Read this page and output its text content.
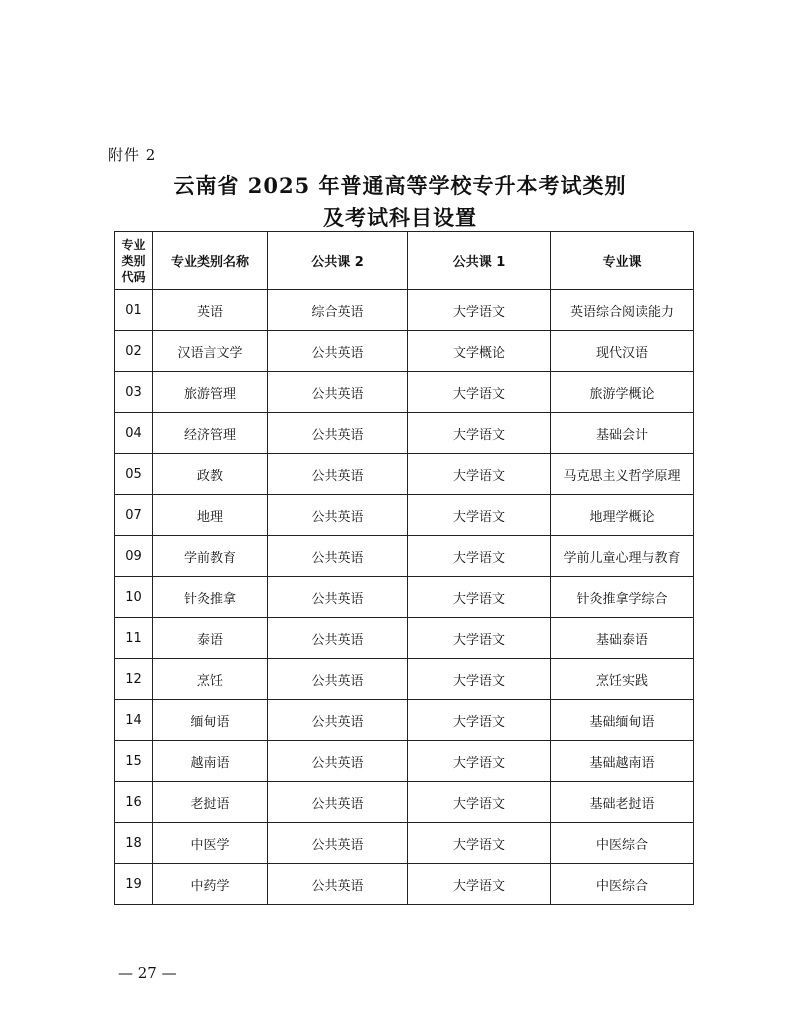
附件 2
云南省 2025 年普通高等学校专升本考试类别
及考试科目设置
专业类别代码	专业类别名称	公共课 2	公共课 1	专业课
01	英语	综合英语	大学语文	英语综合阅读能力
02	汉语言文学	公共英语	文学概论	现代汉语
03	旅游管理	公共英语	大学语文	旅游学概论
04	经济管理	公共英语	大学语文	基础会计
05	政教	公共英语	大学语文	马克思主义哲学原理
07	地理	公共英语	大学语文	地理学概论
09	学前教育	公共英语	大学语文	学前儿童心理与教育
10	针灸推拿	公共英语	大学语文	针灸推拿学综合
11	泰语	公共英语	大学语文	基础泰语
12	烹饪	公共英语	大学语文	烹饪实践
14	缅甸语	公共英语	大学语文	基础缅甸语
15	越南语	公共英语	大学语文	基础越南语
16	老挝语	公共英语	大学语文	基础老挝语
18	中医学	公共英语	大学语文	中医综合
19	中药学	公共英语	大学语文	中医综合
— 27 —
